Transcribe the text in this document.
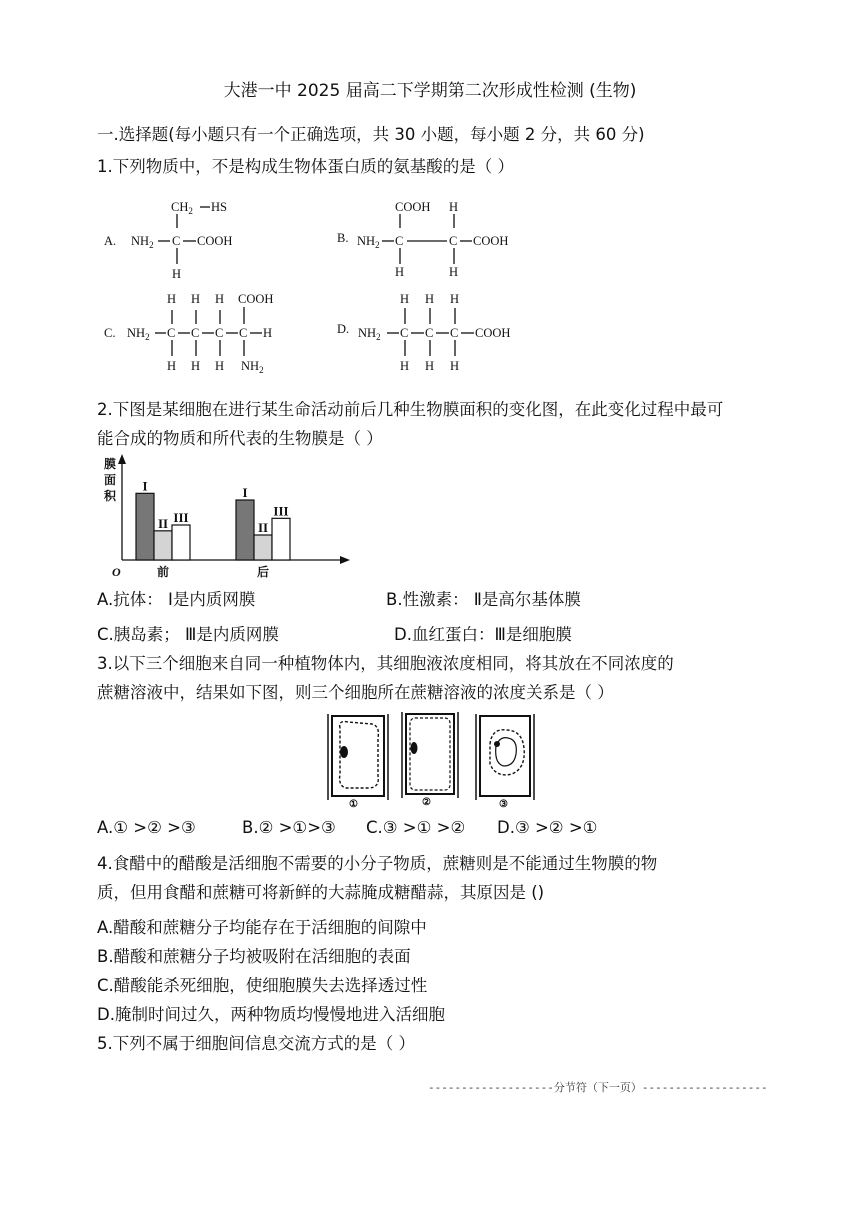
大港一中 2025 届高二下学期第二次形成性检测 (生物)
一.选择题(每小题只有一个正确选项，共 30 小题，每小题 2 分，共 60 分)
1.下列物质中，不是构成生物体蛋白质的氨基酸的是（ ）
A.
$CH_2$ HS
$NH_2$ C COOH
H
B.
COOH H
$NH_2$ C	C COOH
H	H
C.
H H H COOH
$NH_2$ C C C C H
H H H $NH_2$
D.
H H H
$NH_2$ C C C COOH
H H H
2.下图是某细胞在进行某生命活动前后几种生物膜面积的变化图，在此变化过程中最可
能合成的物质和所代表的生物膜是（ ）
膜
面
积
O
I
II III
前
I
II
III
后
A.抗体： Ⅰ是内质网膜	B.性激素： Ⅱ是高尔基体膜
C.胰岛素； Ⅲ是内质网膜	D.血红蛋白：Ⅲ是细胞膜
3.以下三个细胞来自同一种植物体内，其细胞液浓度相同，将其放在不同浓度的
蔗糖溶液中，结果如下图，则三个细胞所在蔗糖溶液的浓度关系是（ ）
①	②	③
A.① >② >③	B.② >①>③ C.③ >① >② D.③ >② >①
4.食醋中的醋酸是活细胞不需要的小分子物质，蔗糖则是不能通过生物膜的物
质，但用食醋和蔗糖可将新鲜的大蒜腌成糖醋蒜，其原因是 ()
A.醋酸和蔗糖分子均能存在于活细胞的间隙中
B.醋酸和蔗糖分子均被吸附在活细胞的表面
C.醋酸能杀死细胞，使细胞膜失去选择透过性
D.腌制时间过久，两种物质均慢慢地进入活细胞
5.下列不属于细胞间信息交流方式的是（ ）
-------------------分节符（下一页）-------------------
